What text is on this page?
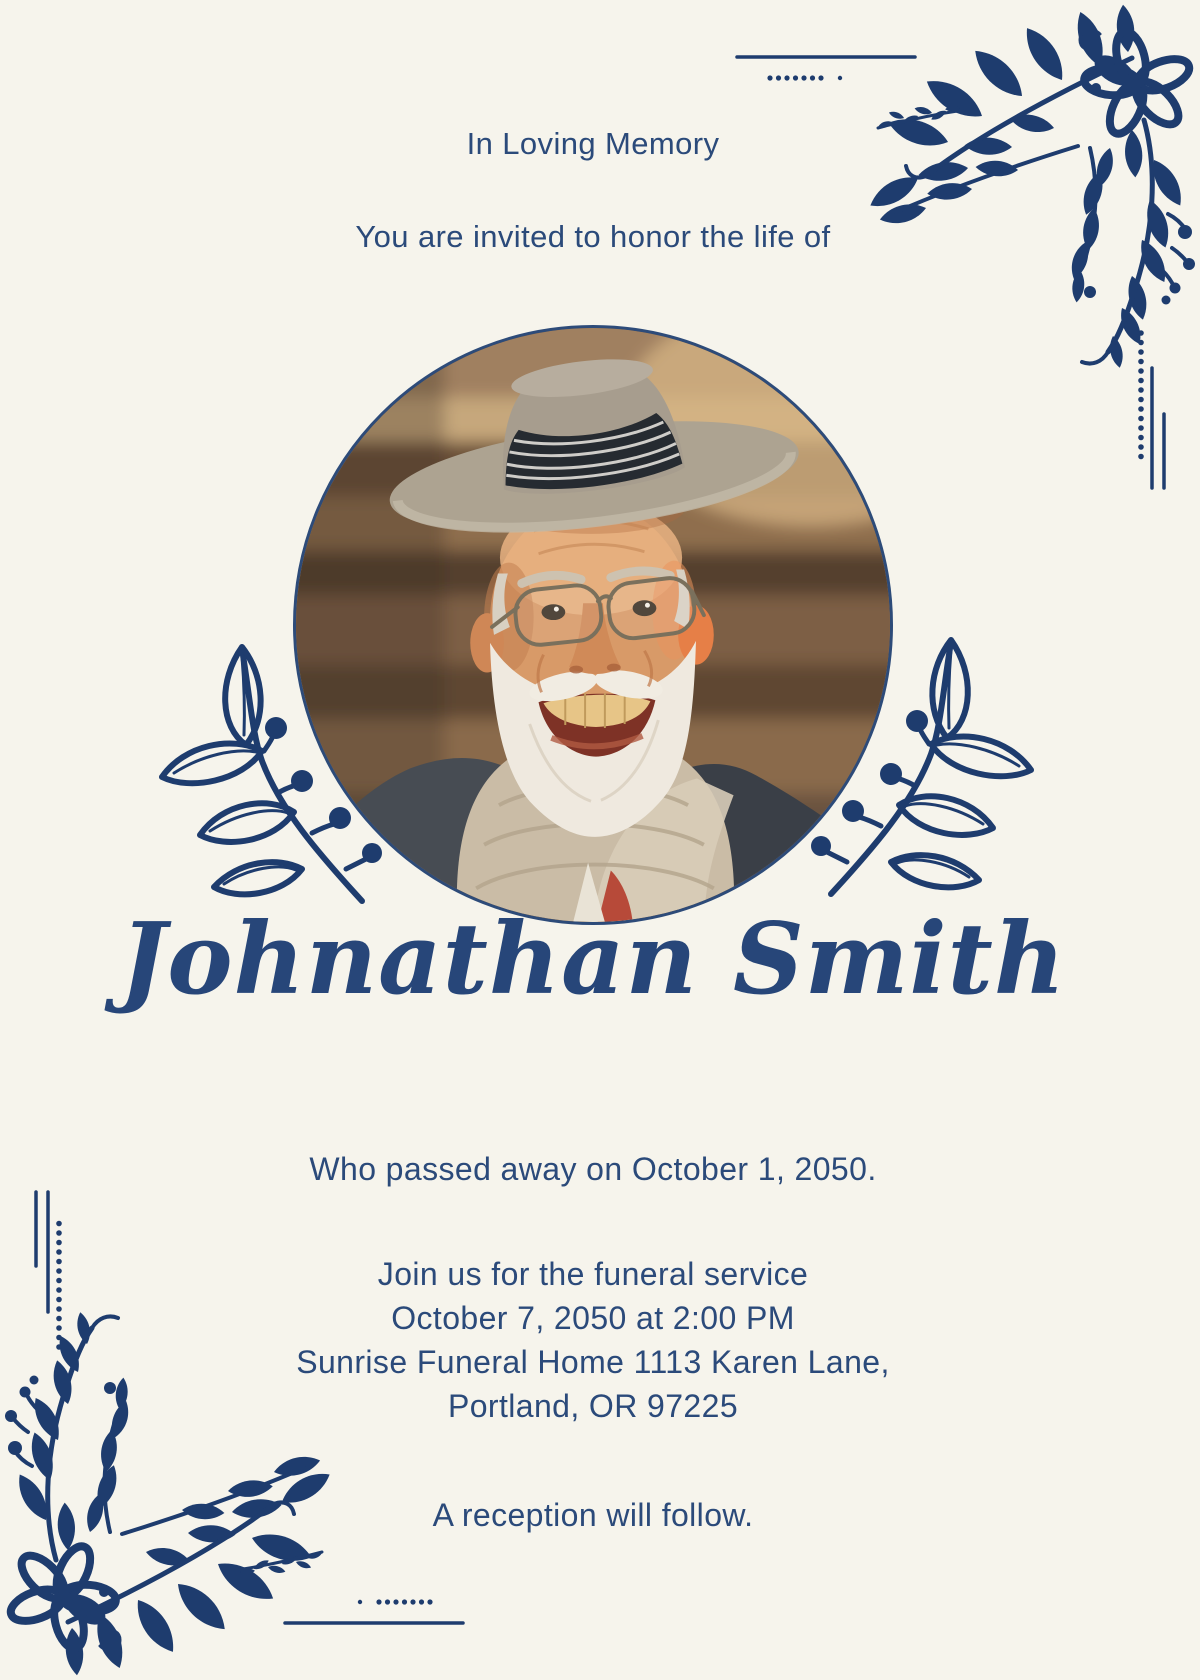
In Loving Memory
You are invited to honor the life of
Johnathan Smith
Who passed away on October 1, 2050.
Join us for the funeral service
October 7, 2050 at 2:00 PM
Sunrise Funeral Home 1113 Karen Lane,
Portland, OR 97225
A reception will follow.
